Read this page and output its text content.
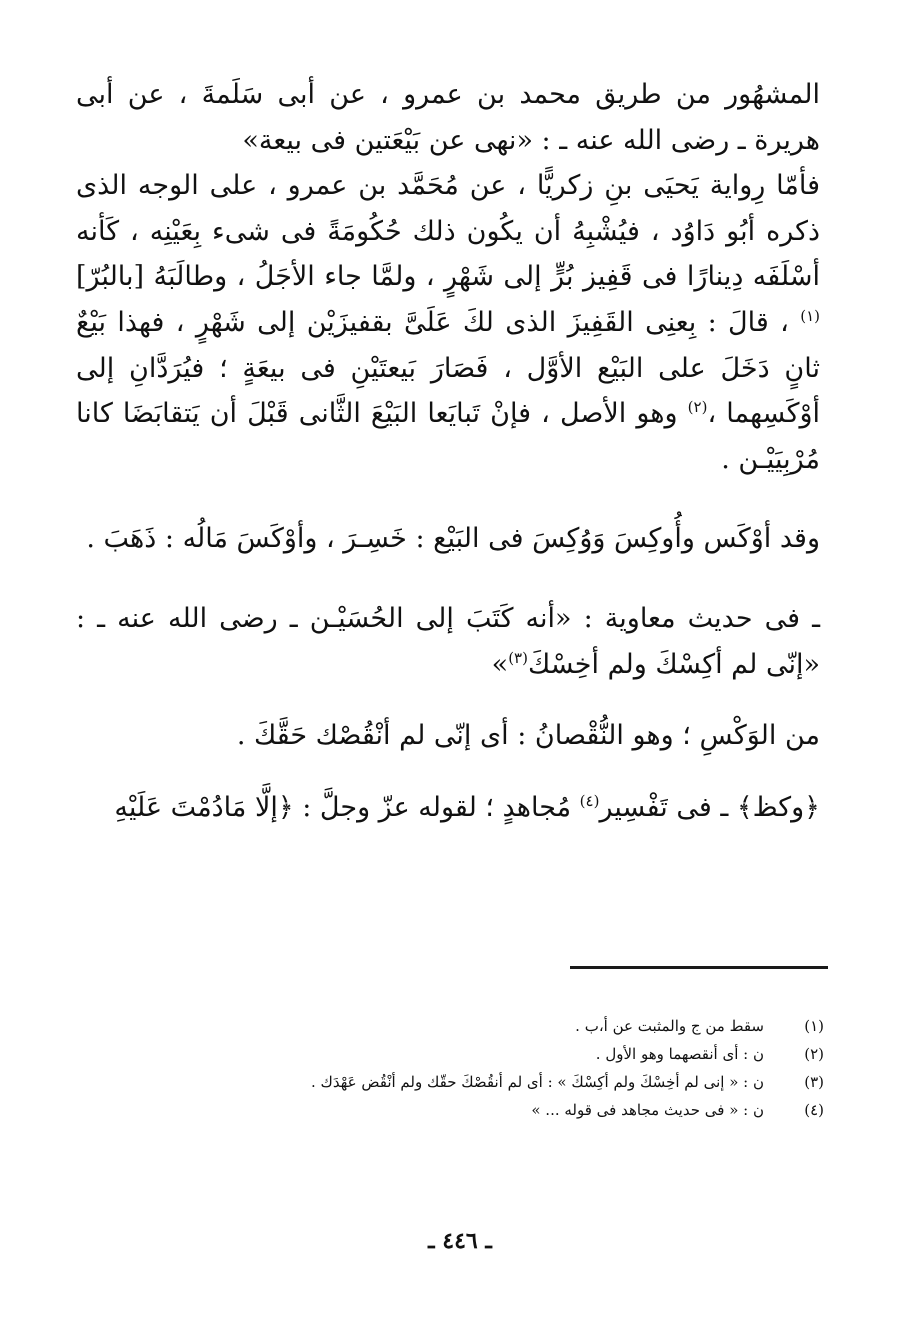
المشهُور من طريق محمد بن عمرو ، عن أبى سَلَمةَ ، عن أبى هريرة ـ رضى الله عنه ـ : «نهى عن بَيْعَتين فى بيعة»

فأمّا رِواية يَحيَى بنِ زكريًّا ، عن مُحَمَّد بن عمرو ، على الوجه الذى ذكره أبُو دَاوُد ، فيُشْبِهُ أن يكُون ذلك حُكُومَةً فى شىء بِعَيْنِه ، كَأنه أسْلَفَه دِينارًا فى قَفِيز بُرٍّ إلى شَهْرٍ ، ولمَّا جاء الأجَلُ ، وطالَبَهُ [بالبُرّ]$^{(١)}$ ، قالَ : بِعنِى القَفِيزَ الذى لكَ عَلَىَّ بقفيزَيْن إلى شَهْرٍ ، فهذا بَيْعٌ ثانٍ دَخَلَ على البَيْع الأوَّل ، فَصَارَ بَيعتَيْنِ فى بيعَةٍ ؛ فيُرَدَّانِ إلى أوْكَسِهما ،$^{(٢)}$ وهو الأصل ، فإنْ تَبايَعا البَيْعَ الثَّانى قَبْلَ أن يَتقابَضَا كانا مُرْبِيَيْـن .

وقد أوْكَس وأُوكِسَ وَوُكِسَ فى البَيْع : خَسِـرَ ، وأوْكَسَ مَالُه : ذَهَبَ .

ـ فى حديث معاوية : «أنه كَتَبَ إلى الحُسَيْـن ـ رضى الله عنه ـ : «إنّى لم أكِسْكَ ولم أخِسْكَ$^{(٣)}$»

من الوَكْسِ ؛ وهو النُّقْصانُ : أى إنّى لم أنْقُصْك حَقَّكَ .

﴿وكظ﴾ ـ فى تَفْسِير$^{(٤)}$ مُجاهدٍ ؛ لقوله عزّ وجلَّ : ﴿إلَّا مَادُمْتَ عَلَيْهِ

(١)
سقط من ج والمثبت عن أ،ب .
(٢)
ن : أى أنقصهما وهو الأول .
(٣)
ن : « إنى لم أخِسْكَ ولم أكِسْكَ » : أى لم أنقُصْكَ حقّك ولم أنْقُض عَهْدَك .
(٤)
ن : « فى حديث مجاهد فى قوله ... »
ـ ٤٤٦ ـ
